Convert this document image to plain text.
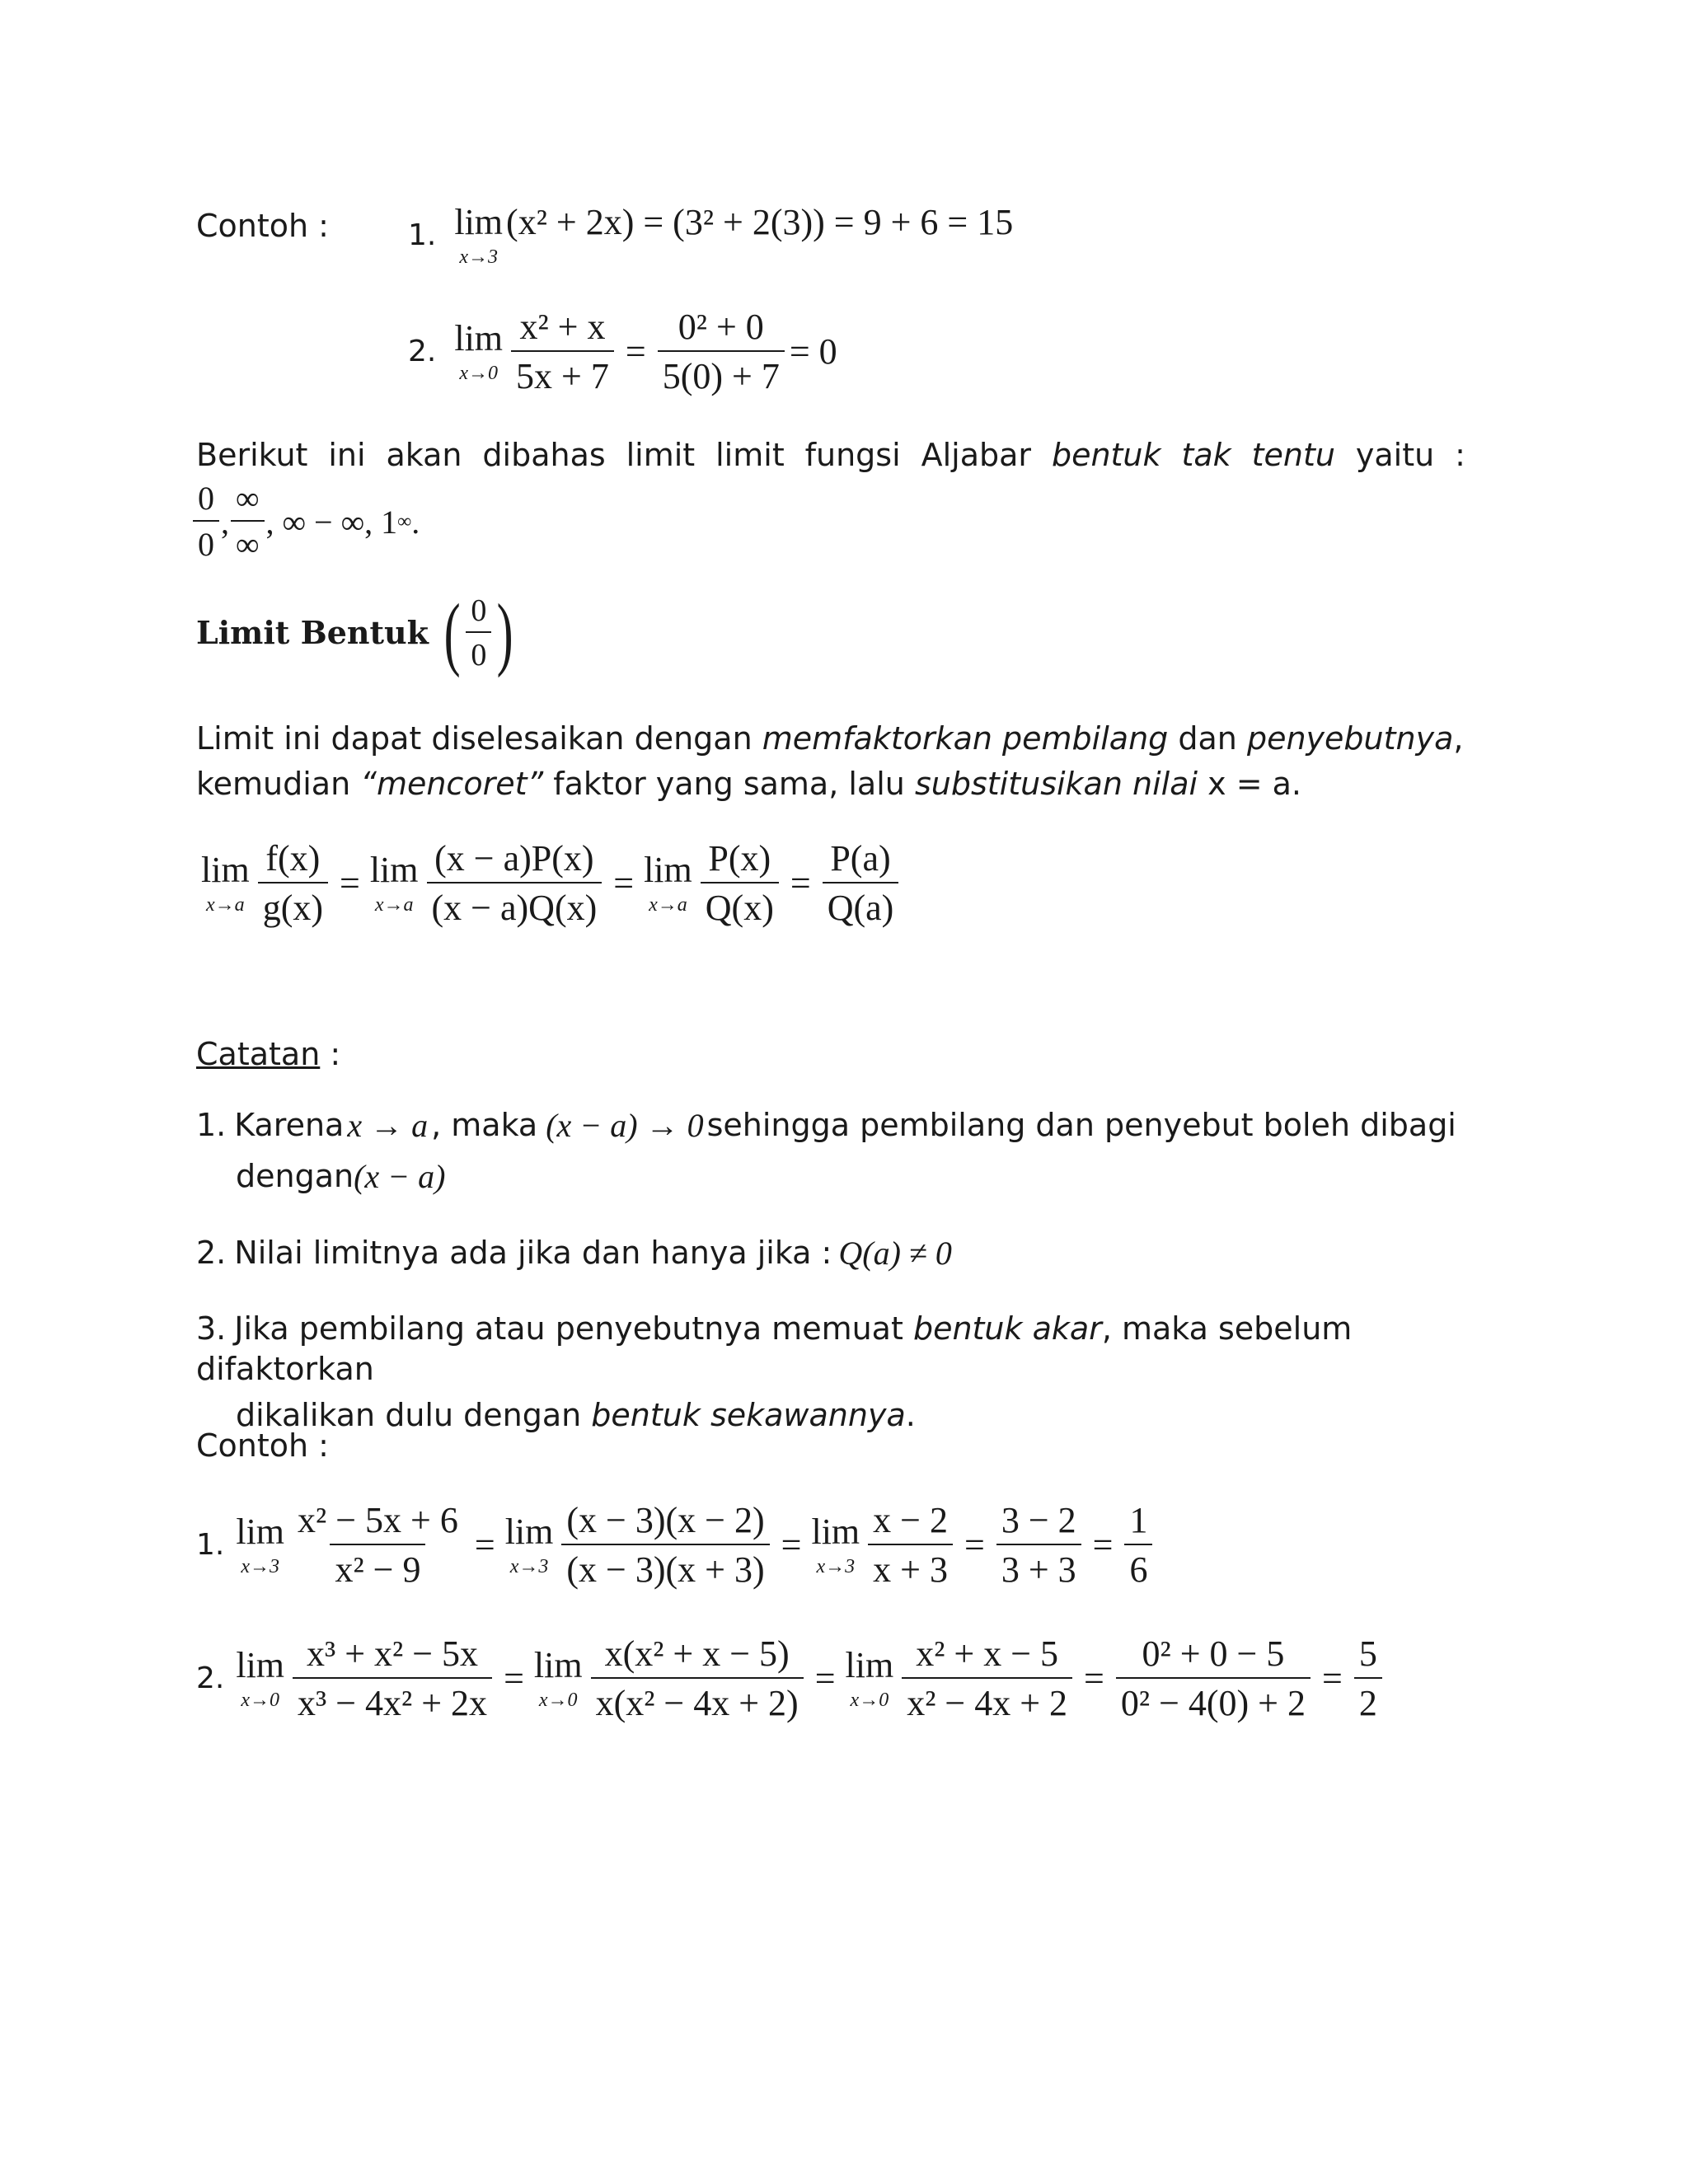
Contoh :	1. lim
x→3
(x² + 2x) = (3² + 2(3)) = 9 + 6 = 15
2. lim
$x\to 0 \frac{\text{x² + x}}{5x + 7} = \frac{\text{0² + 0}}{5(0) + 7} = 0$
Berikut ini akan dibahas limit limit fungsi Aljabar bentuk tak tentu yaitu :
$\frac{0}{0}$ , $\frac{\infty}{\infty}$ , ∞ − ∞, 1 ∞ .
Limit Bentuk ( $\frac{0}{0}$ )
Limit ini dapat diselesaikan dengan memfaktorkan pembilang dan penyebutnya,
kemudian “mencoret” faktor yang sama, lalu substitusikan nilai x = a.
lim
$x\to a \frac{f(x)}{g(x)} = \lim$
$x\to a \frac{(x - a)P(x)}{(x - a)Q(x)} = \lim$
$x\to a \frac{P(x)}{Q(x)} = \frac{P(a)}{Q(a)}$
Catatan :
1. Karena x → a , maka (x − a) → 0 sehingga pembilang dan penyebut boleh dibagi
dengan (x − a)
2. Nilai limitnya ada jika dan hanya jika : Q(a) ≠ 0
3. Jika pembilang atau penyebutnya memuat bentuk akar, maka sebelum difaktorkan
dikalikan dulu dengan bentuk sekawannya.
Contoh :
1. lim
$x\to 3 \frac{\text{x² − 5x + 6}}{\text{x² − 9}} = \lim$
$x\to 3 \frac{(x - 3)(x - 2)}{(x - 3)(x + 3)} = \lim$
$x\to 3 \frac{x - 2}{x + 3} = \frac{3 - 2}{3 + 3} = \frac{1}{6}$
2. lim
$x\to 0 \frac{\text{x³ + x² − 5x}}{\text{x³ − 4x² + 2x}} = \lim$
$x\to 0 \frac{\text{x(x² + x − 5)}}{\text{x(x² − 4x + 2)}} = \lim$
$x\to 0 \frac{\text{x² + x − 5}}{\text{x² − 4x + 2}} = \frac{\text{0² + 0 − 5}}{\text{0² − 4(0) + 2}} = \frac{5}{2}$
